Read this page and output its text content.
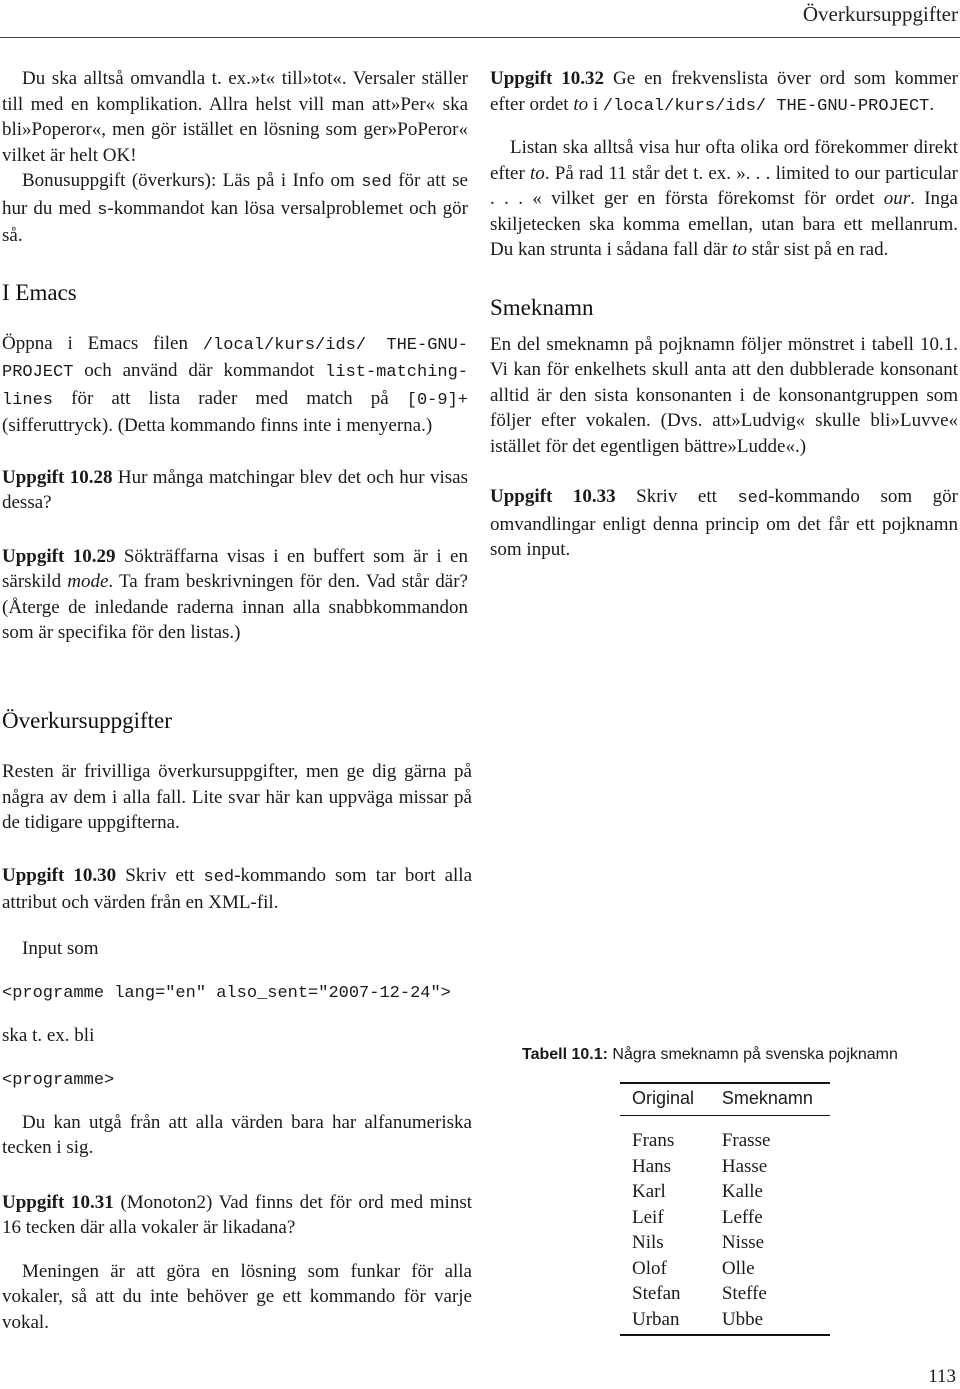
Överkursuppgifter

Du ska alltså omvandla t. ex.»t« till»tot«. Versaler ställer till med en komplikation. Allra helst vill man att»Per« ska bli»Poperor«, men gör istället en lösning som ger»PoPeror« vilket är helt OK!

Bonusuppgift (överkurs): Läs på i Info om sed för att se hur du med s-kommandot kan lösa versalproblemet och gör så.

I Emacs

Öppna i Emacs filen /local/kurs/ids/ THE-GNU-PROJECT och använd där kommandot list-matching-lines för att lista rader med match på [0-9]+ (sifferuttryck). (Detta kommando finns inte i menyerna.)

Uppgift 10.28 Hur många matchingar blev det och hur visas dessa?

Uppgift 10.29 Sökträffarna visas i en buffert som är i en särskild mode. Ta fram beskrivningen för den. Vad står där? (Återge de inledande raderna innan alla snabbkommandon som är specifika för den listas.)

Uppgift 10.32 Ge en frekvenslista över ord som kommer efter ordet to i /local/kurs/ids/ THE-GNU-PROJECT.

Listan ska alltså visa hur ofta olika ord förekommer direkt efter to. På rad 11 står det t. ex. ». . . limited to our particular . . . « vilket ger en första förekomst för ordet our. Inga skiljetecken ska komma emellan, utan bara ett mellanrum. Du kan strunta i sådana fall där to står sist på en rad.

Smeknamn

En del smeknamn på pojknamn följer mönstret i tabell 10.1. Vi kan för enkelhets skull anta att den dubblerade konsonant alltid är den sista konsonanten i de konsonantgruppen som följer efter vokalen. (Dvs. att»Ludvig« skulle bli»Luvve« istället för det egentligen bättre»Ludde«.)

Uppgift 10.33 Skriv ett sed-kommando som gör omvandlingar enligt denna princip om det får ett pojknamn som input.

Överkursuppgifter

Resten är frivilliga överkursuppgifter, men ge dig gärna på några av dem i alla fall. Lite svar här kan uppväga missar på de tidigare uppgifterna.

Uppgift 10.30 Skriv ett sed-kommando som tar bort alla attribut och värden från en XML-fil.

Input som

<programme lang="en" also_sent="2007-12-24">

ska t. ex. bli

<programme>

Du kan utgå från att alla värden bara har alfanumeriska tecken i sig.

Uppgift 10.31 (Monoton2) Vad finns det för ord med minst 16 tecken där alla vokaler är likadana?

Meningen är att göra en lösning som funkar för alla vokaler, så att du inte behöver ge ett kommando för varje vokal.

Tabell 10.1: Några smeknamn på svenska pojknamn
Original	Smeknamn
Frans	Frasse
Hans	Hasse
Karl	Kalle
Leif	Leffe
Nils	Nisse
Olof	Olle
Stefan	Steffe
Urban	Ubbe
113
